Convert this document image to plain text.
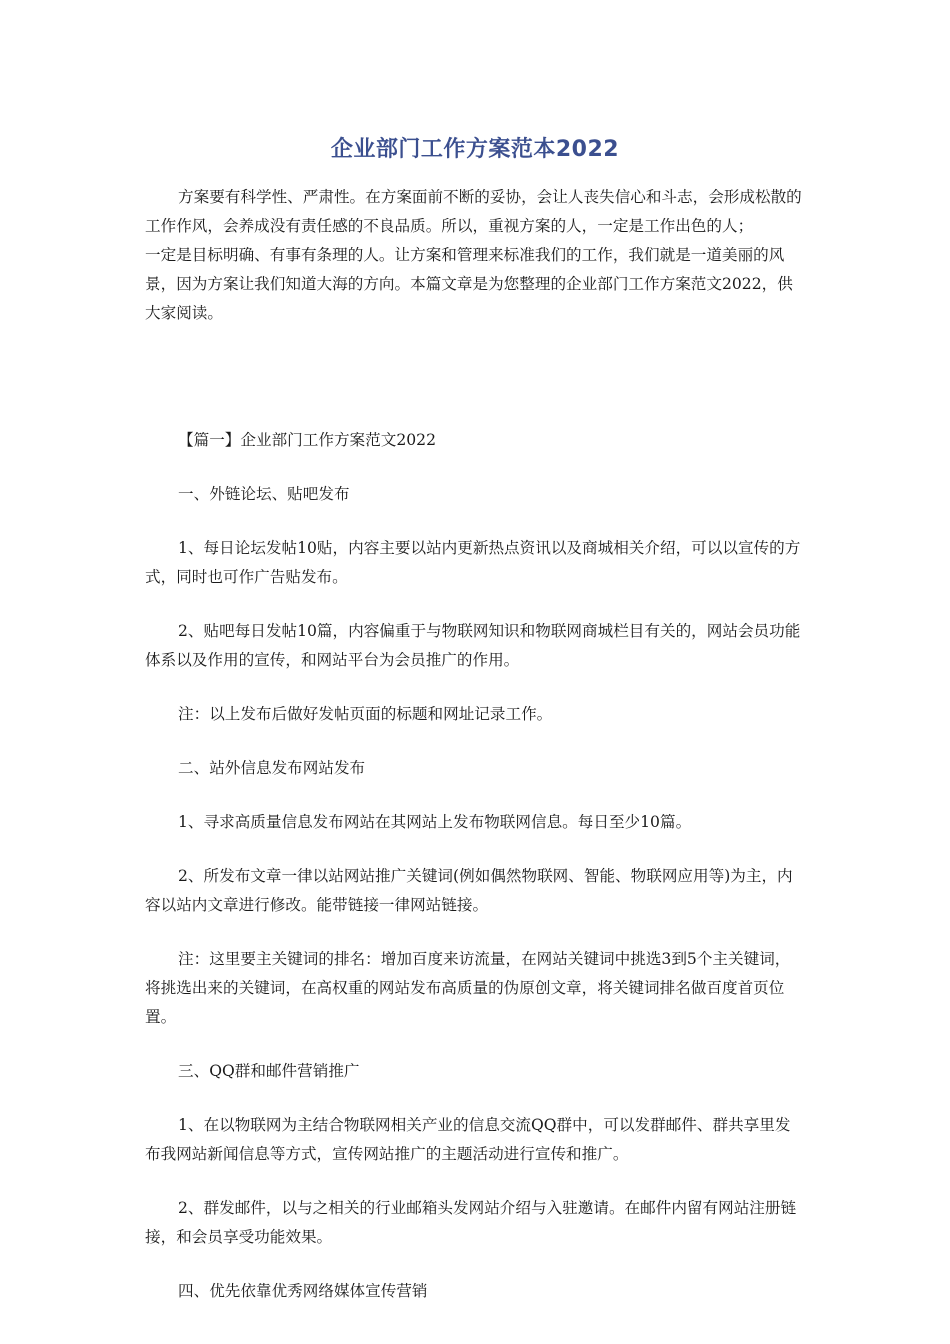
企业部门工作方案范本2022

方案要有科学性、严肃性。在方案面前不断的妥协，会让人丧失信心和斗志，会形成松散的工作作风，会养成没有责任感的不良品质。所以，重视方案的人，一定是工作出色的人；

一定是目标明确、有事有条理的人。让方案和管理来标准我们的工作，我们就是一道美丽的风景，因为方案让我们知道大海的方向。本篇文章是为您整理的企业部门工作方案范文2022，供大家阅读。

【篇一】企业部门工作方案范文2022

一、外链论坛、贴吧发布

1、每日论坛发帖10贴，内容主要以站内更新热点资讯以及商城相关介绍，可以以宣传的方式，同时也可作广告贴发布。

2、贴吧每日发帖10篇，内容偏重于与物联网知识和物联网商城栏目有关的，网站会员功能体系以及作用的宣传，和网站平台为会员推广的作用。

注：以上发布后做好发帖页面的标题和网址记录工作。

二、站外信息发布网站发布

1、寻求高质量信息发布网站在其网站上发布物联网信息。每日至少10篇。

2、所发布文章一律以站网站推广关键词(例如偶然物联网、智能、物联网应用等)为主，内容以站内文章进行修改。能带链接一律网站链接。

注：这里要主关键词的排名：增加百度来访流量，在网站关键词中挑选3到5个主关键词，将挑选出来的关键词，在高权重的网站发布高质量的伪原创文章，将关键词排名做百度首页位置。

三、QQ群和邮件营销推广

1、在以物联网为主结合物联网相关产业的信息交流QQ群中，可以发群邮件、群共享里发布我网站新闻信息等方式，宣传网站推广的主题活动进行宣传和推广。

2、群发邮件，以与之相关的行业邮箱头发网站介绍与入驻邀请。在邮件内留有网站注册链接，和会员享受功能效果。

四、优先依靠优秀网络媒体宣传营销
